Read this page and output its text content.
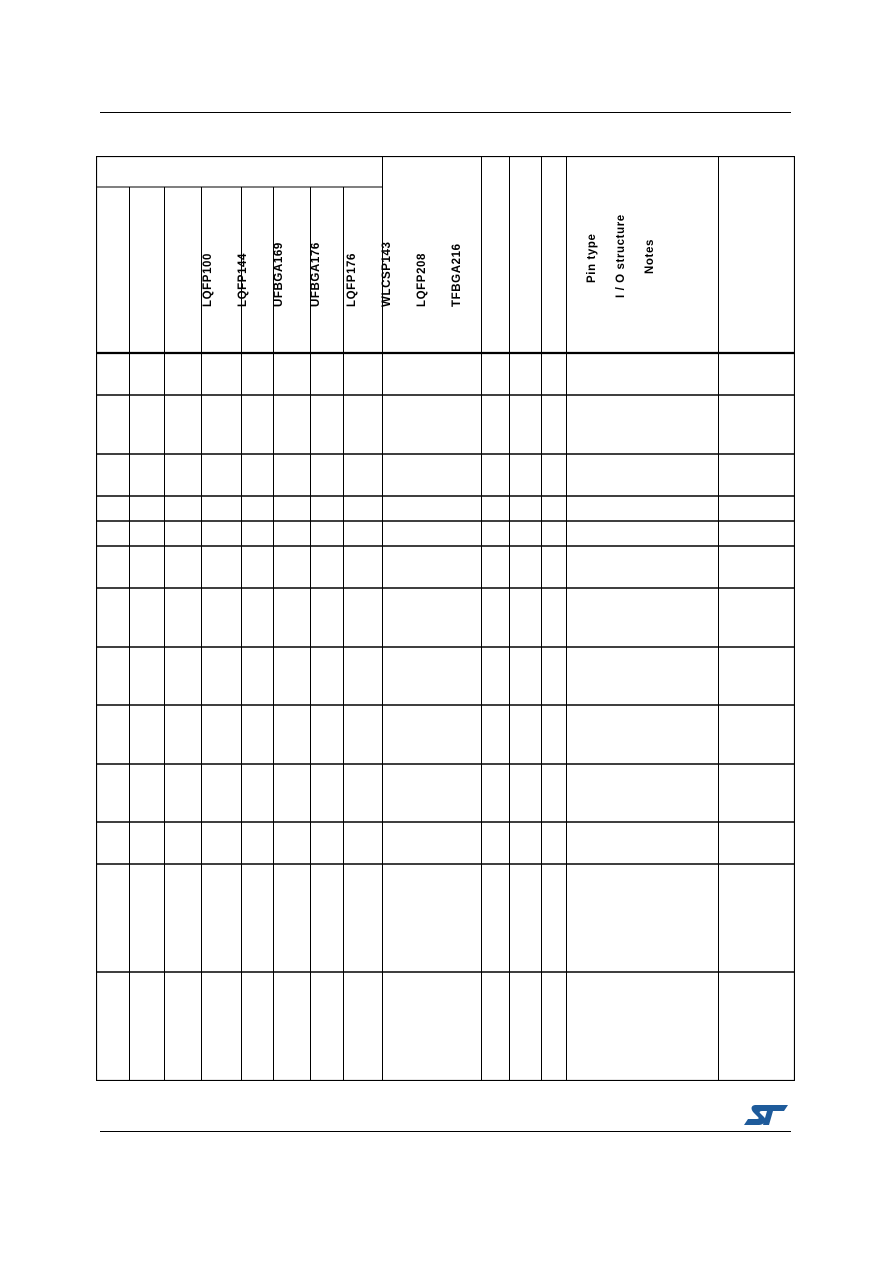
LQFP100 LQFP144 UFBGA169 UFBGA176 LQFP176 WLCSP143 LQFP208 TFBGA216	Pin type I / O structure Notes
